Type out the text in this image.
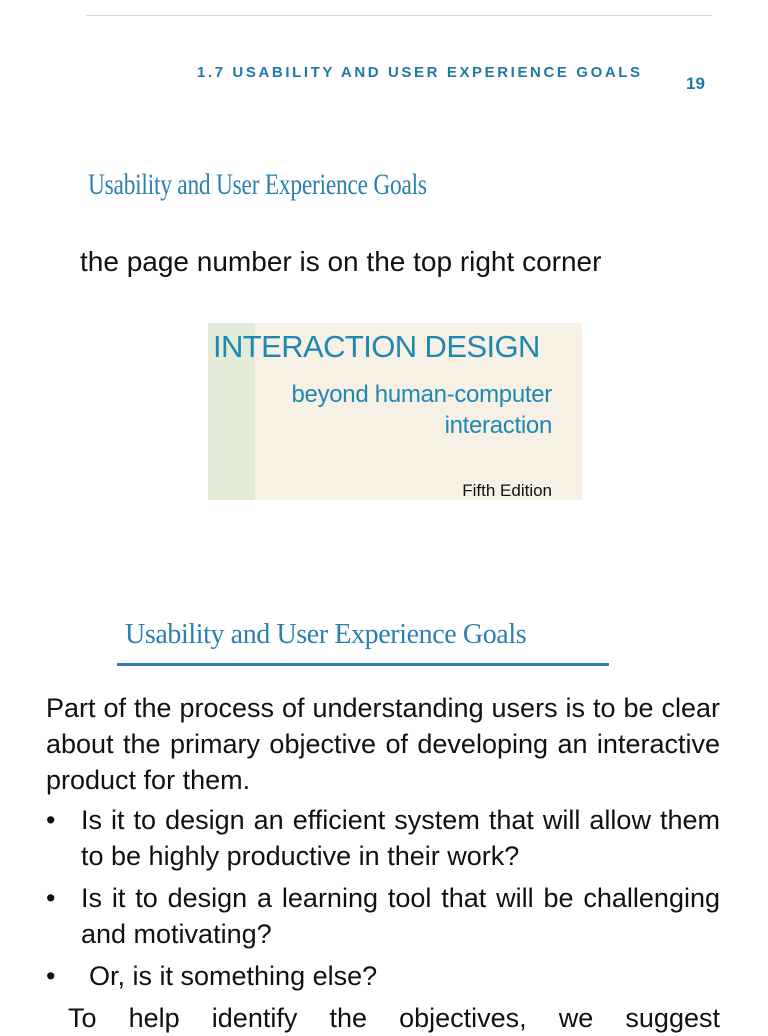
1.7 USABILITY AND USER EXPERIENCE GOALS
19
Usability and User Experience Goals
the page number is on the top right corner
INTERACTION DESIGN
beyond human-computer
interaction
Fifth Edition
Usability and User Experience Goals

Part of the process of understanding users is to be clear about the primary objective of developing an interactive product for them.

• Is it to design an efficient system that will allow them to be highly productive in their work?
• Is it to design a learning tool that will be challenging and motivating?
• Or, is it something else?

To help identify the objectives, we suggest
